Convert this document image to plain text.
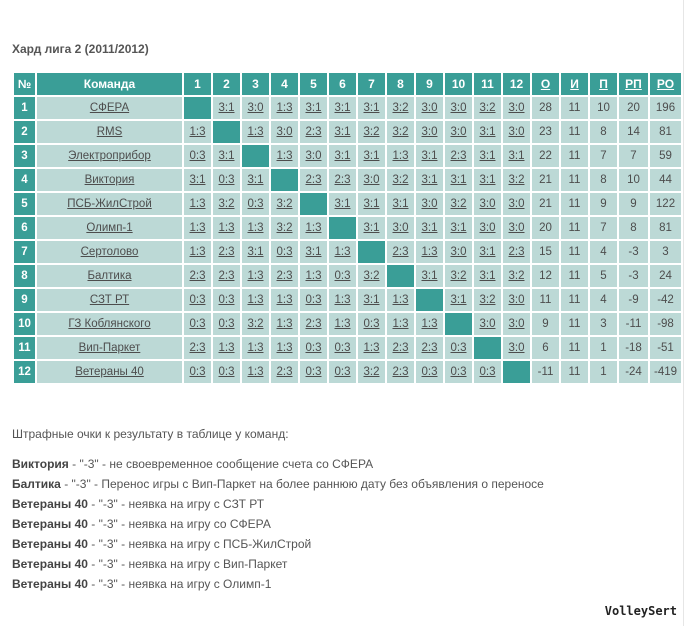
Хард лига 2 (2011/2012)
№	Команда	1	2	3	4	5	6	7	8	9	10	11	12	О	И	П	РП	РО
1	СФЕРА		3:1	3:0	1:3	3:1	3:1	3:1	3:2	3:0	3:0	3:2	3:0	28	11	10	20	196
2	RMS	1:3		1:3	3:0	2:3	3:1	3:2	3:2	3:0	3:0	3:1	3:0	23	11	8	14	81
3	Электроприбор	0:3	3:1		1:3	3:0	3:1	3:1	1:3	3:1	2:3	3:1	3:1	22	11	7	7	59
4	Виктория	3:1	0:3	3:1		2:3	2:3	3:0	3:2	3:1	3:1	3:1	3:2	21	11	8	10	44
5	ПСБ-ЖилСтрой	1:3	3:2	0:3	3:2		3:1	3:1	3:1	3:0	3:2	3:0	3:0	21	11	9	9	122
6	Олимп-1	1:3	1:3	1:3	3:2	1:3		3:1	3:0	3:1	3:1	3:0	3:0	20	11	7	8	81
7	Сертолово	1:3	2:3	3:1	0:3	3:1	1:3		2:3	1:3	3:0	3:1	2:3	15	11	4	-3	3
8	Балтика	2:3	2:3	1:3	2:3	1:3	0:3	3:2		3:1	3:2	3:1	3:2	12	11	5	-3	24
9	СЗТ РТ	0:3	0:3	1:3	1:3	0:3	1:3	3:1	1:3		3:1	3:2	3:0	11	11	4	-9	-42
10	ГЗ Коблянского	0:3	0:3	3:2	1:3	2:3	1:3	0:3	1:3	1:3		3:0	3:0	9	11	3	-11	-98
11	Вип-Паркет	2:3	1:3	1:3	1:3	0:3	0:3	1:3	2:3	2:3	0:3		3:0	6	11	1	-18	-51
12	Ветераны 40	0:3	0:3	1:3	2:3	0:3	0:3	3:2	2:3	0:3	0:3	0:3		-11	11	1	-24	-419
Штрафные очки к результату в таблице у команд:
Виктория - "-3" - не своевременное сообщение счета со СФЕРА
Балтика - "-3" - Перенос игры с Вип-Паркет на более раннюю дату без объявления о переносе
Ветераны 40 - "-3" - неявка на игру с СЗТ РТ
Ветераны 40 - "-3" - неявка на игру со СФЕРА
Ветераны 40 - "-3" - неявка на игру с ПСБ-ЖилСтрой
Ветераны 40 - "-3" - неявка на игру с Вип-Паркет
Ветераны 40 - "-3" - неявка на игру с Олимп-1
VolleySert
